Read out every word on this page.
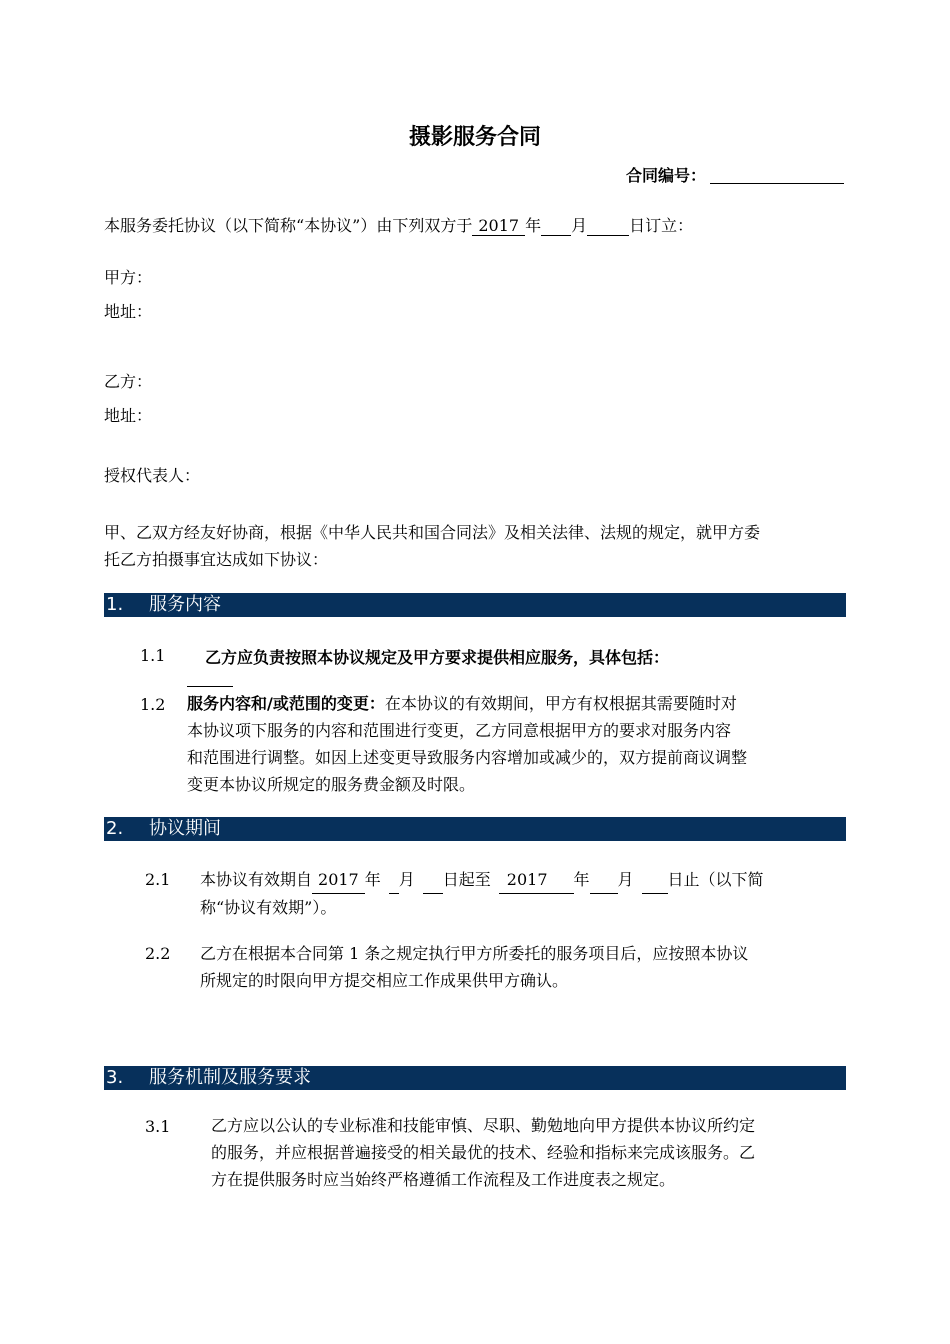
摄影服务合同
合同编号：
本服务委托协议（以下简称“本协议”）由下列双方于 2017 年 月	日订立：
甲方：
地址：
乙方：
地址：
授权代表人：
甲、乙双方经友好协商，根据《中华人民共和国合同法》及相关法律、法规的规定，就甲方委
托乙方拍摄事宜达成如下协议：
1. 服务内容
1.1 乙方应负责按照本协议规定及甲方要求提供相应服务，具体包括：
1.2 服务内容和/或范围的变更：在本协议的有效期间，甲方有权根据其需要随时对
本协议项下服务的内容和范围进行变更，乙方同意根据甲方的要求对服务内容
和范围进行调整。如因上述变更导致服务内容增加或减少的，双方提前商议调整
变更本协议所规定的服务费金额及时限。
2. 协议期间
2.1 本协议有效期自 2017 年 月 日起至 2017 年 月 日止（以下简
称“协议有效期”）。
2.2 乙方在根据本合同第 1 条之规定执行甲方所委托的服务项目后，应按照本协议
所规定的时限向甲方提交相应工作成果供甲方确认。
3. 服务机制及服务要求
3.1	乙方应以公认的专业标准和技能审慎、尽职、勤勉地向甲方提供本协议所约定
的服务，并应根据普遍接受的相关最优的技术、经验和指标来完成该服务。乙
方在提供服务时应当始终严格遵循工作流程及工作进度表之规定。
